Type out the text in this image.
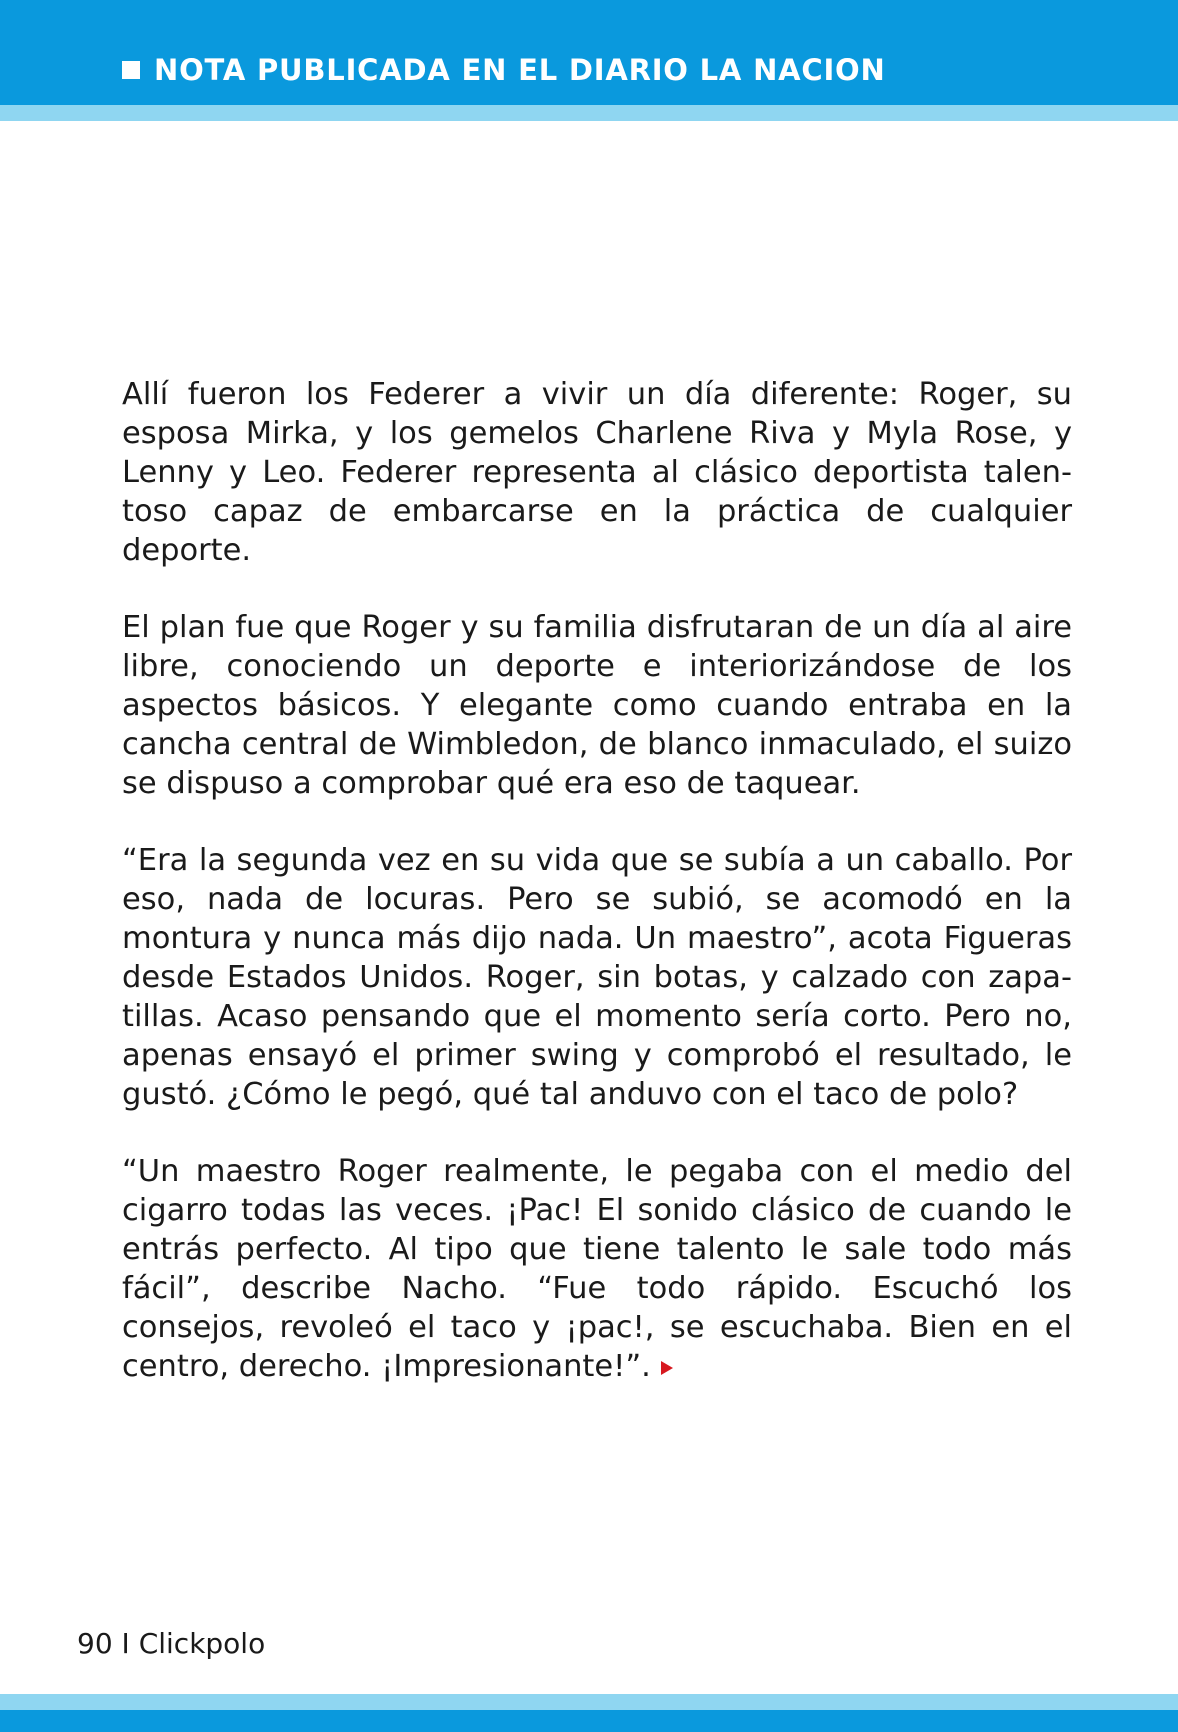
NOTA PUBLICADA EN EL DIARIO LA NACION

Allí fueron los Federer a vivir un día diferente: Roger, su esposa Mirka, y los gemelos Charlene Riva y Myla Rose, y Lenny y Leo. Federer representa al clásico deportista talentoso capaz de embarcarse en la práctica de cualquier deporte.

El plan fue que Roger y su familia disfrutaran de un día al aire libre, conociendo un deporte e interiorizándose de los aspectos básicos. Y elegante como cuando entraba en la cancha central de Wimbledon, de blanco inmaculado, el suizo se dispuso a comprobar qué era eso de taquear.

“Era la segunda vez en su vida que se subía a un caballo. Por eso, nada de locuras. Pero se subió, se acomodó en la montura y nunca más dijo nada. Un maestro”, acota Figueras desde Estados Unidos. Roger, sin botas, y calzado con zapatillas. Acaso pensando que el momento sería corto. Pero no, apenas ensayó el primer swing y comprobó el resultado, le gustó. ¿Cómo le pegó, qué tal anduvo con el taco de polo?

“Un maestro Roger realmente, le pegaba con el medio del cigarro todas las veces. ¡Pac! El sonido clásico de cuando le entrás perfecto. Al tipo que tiene talento le sale todo más fácil”, describe Nacho. “Fue todo rápido. Escuchó los consejos, revoleó el taco y ¡pac!, se escuchaba. Bien en el centro, derecho. ¡Impresionante!”.

90 I Clickpolo
